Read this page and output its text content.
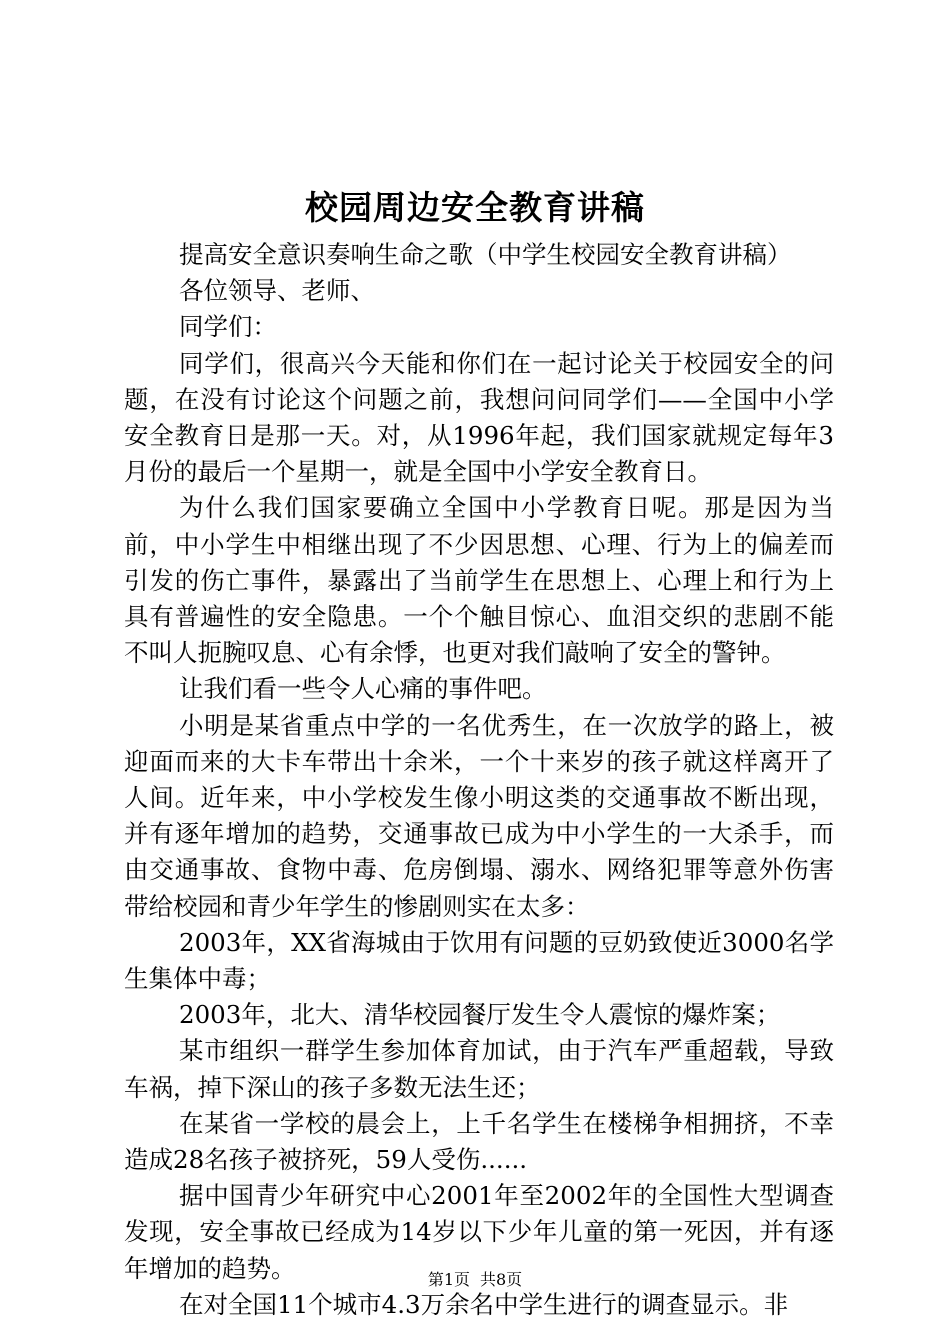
校园周边安全教育讲稿

提高安全意识奏响生命之歌（中学生校园安全教育讲稿）

各位领导、老师、

同学们：

同学们，很高兴今天能和你们在一起讨论关于校园安全的问题，在没有讨论这个问题之前，我想问问同学们——全国中小学安全教育日是那一天。对，从1996年起，我们国家就规定每年3月份的最后一个星期一，就是全国中小学安全教育日。

为什么我们国家要确立全国中小学教育日呢。那是因为当前，中小学生中相继出现了不少因思想、心理、行为上的偏差而引发的伤亡事件，暴露出了当前学生在思想上、心理上和行为上具有普遍性的安全隐患。一个个触目惊心、血泪交织的悲剧不能不叫人扼腕叹息、心有余悸，也更对我们敲响了安全的警钟。

让我们看一些令人心痛的事件吧。

小明是某省重点中学的一名优秀生，在一次放学的路上，被迎面而来的大卡车带出十余米，一个十来岁的孩子就这样离开了人间。近年来，中小学校发生像小明这类的交通事故不断出现，并有逐年增加的趋势，交通事故已成为中小学生的一大杀手，而由交通事故、食物中毒、危房倒塌、溺水、网络犯罪等意外伤害带给校园和青少年学生的惨剧则实在太多：

2003年，XX省海城由于饮用有问题的豆奶致使近3000名学生集体中毒；

2003年，北大、清华校园餐厅发生令人震惊的爆炸案；

某市组织一群学生参加体育加试，由于汽车严重超载，导致车祸，掉下深山的孩子多数无法生还；

在某省一学校的晨会上，上千名学生在楼梯争相拥挤，不幸造成28名孩子被挤死，59人受伤......

据中国青少年研究中心2001年至2002年的全国性大型调查发现，安全事故已经成为14岁以下少年儿童的第一死因，并有逐年增加的趋势。

在对全国11个城市4.3万余名中学生进行的调查显示。非

第1页 共8页
